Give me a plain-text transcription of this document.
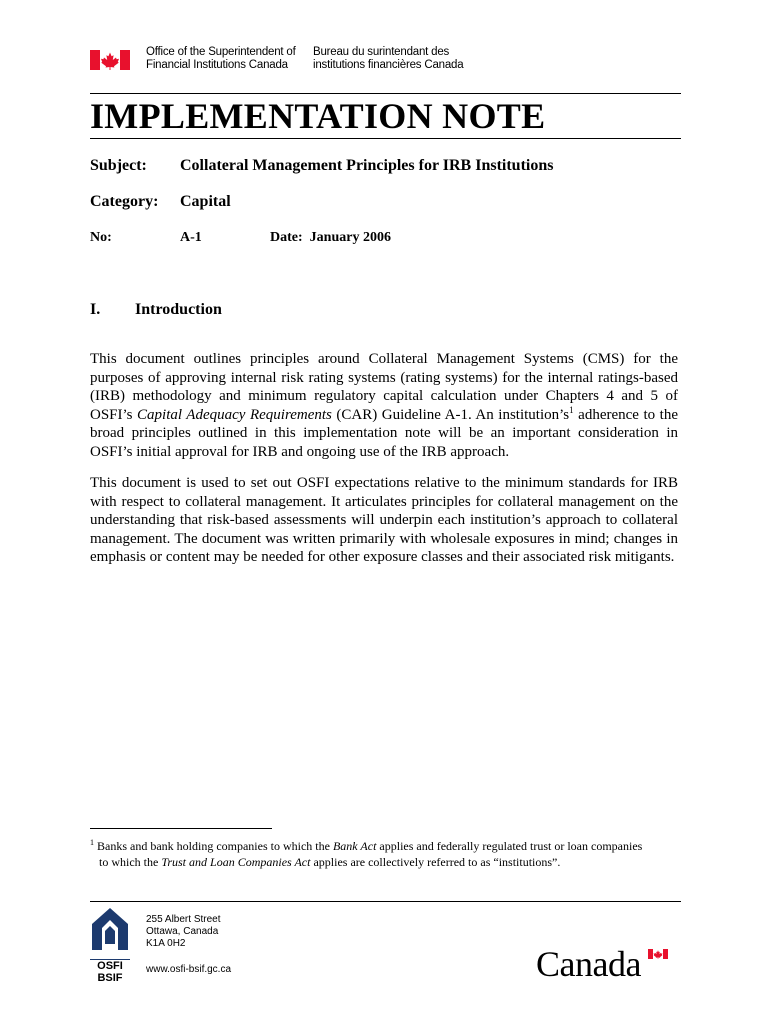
Office of the Superintendent of
Financial Institutions Canada
Bureau du surintendant des
institutions financières Canada
IMPLEMENTATION NOTE
Subject: Collateral Management Principles for IRB Institutions
Category: Capital
No:	A-1	Date: January 2006
I. Introduction

This document outlines principles around Collateral Management Systems (CMS) for the purposes of approving internal risk rating systems (rating systems) for the internal ratings-based (IRB) methodology and minimum regulatory capital calculation under Chapters 4 and 5 of OSFI’s Capital Adequacy Requirements (CAR) Guideline A-1. An $institution’s^1$ adherence to the broad principles outlined in this implementation note will be an important consideration in OSFI’s initial approval for IRB and ongoing use of the IRB approach.

This document is used to set out OSFI expectations relative to the minimum standards for IRB with respect to collateral management. It articulates principles for collateral management on the understanding that risk-based assessments will underpin each institution’s approach to collateral management. The document was written primarily with wholesale exposures in mind; changes in emphasis or content may be needed for other exposure classes and their associated risk mitigants.

$^1$ Banks and bank holding companies to which the Bank Act applies and federally regulated trust or loan companies
to which the Trust and Loan Companies Act applies are collectively referred to as “institutions”.
OSFI
BSIF
255 Albert Street
Ottawa, Canada
K1A 0H2
www.osfi-bsif.gc.ca	Canada
